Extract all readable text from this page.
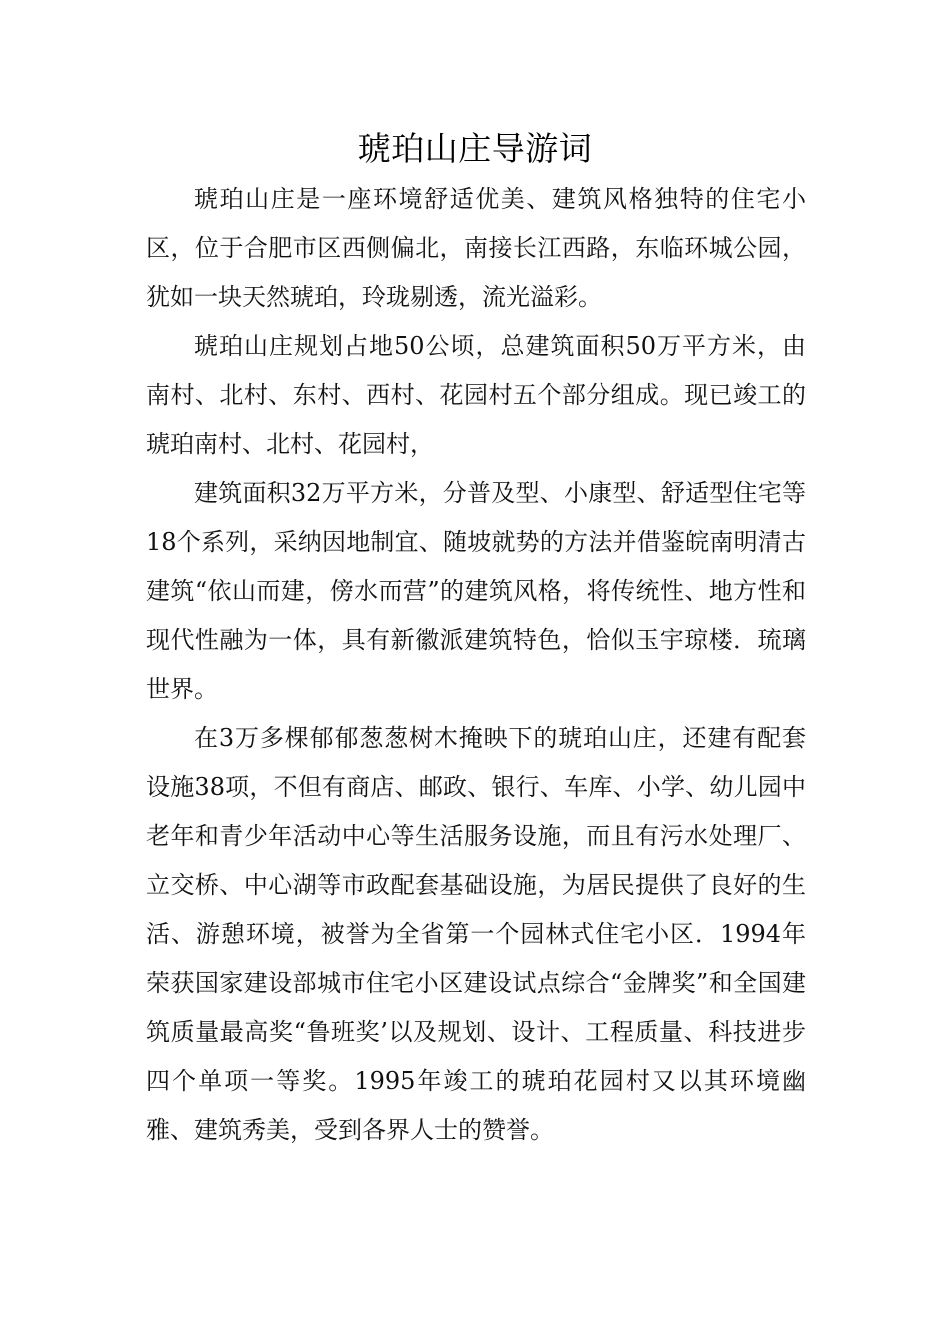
琥珀山庄导游词

琥珀山庄是一座环境舒适优美、建筑风格独特的住宅小区，位于合肥市区西侧偏北，南接长江西路，东临环城公园，犹如一块天然琥珀，玲珑剔透，流光溢彩。

琥珀山庄规划占地50公顷，总建筑面积50万平方米，由南村、北村、东村、西村、花园村五个部分组成。现已竣工的琥珀南村、北村、花园村，

建筑面积32万平方米，分普及型、小康型、舒适型住宅等18个系列，采纳因地制宜、随坡就势的方法并借鉴皖南明清古建筑“依山而建，傍水而营”的建筑风格，将传统性、地方性和现代性融为一体，具有新徽派建筑特色，恰似玉宇琼楼．琉璃世界。

在3万多棵郁郁葱葱树木掩映下的琥珀山庄，还建有配套设施38项，不但有商店、邮政、银行、车库、小学、幼儿园中老年和青少年活动中心等生活服务设施，而且有污水处理厂、立交桥、中心湖等市政配套基础设施，为居民提供了良好的生活、游憩环境，被誉为全省第一个园林式住宅小区．1994年荣获国家建设部城市住宅小区建设试点综合“金牌奖”和全国建筑质量最高奖“鲁班奖’以及规划、设计、工程质量、科技进步四个单项一等奖。1995年竣工的琥珀花园村又以其环境幽雅、建筑秀美，受到各界人士的赞誉。
